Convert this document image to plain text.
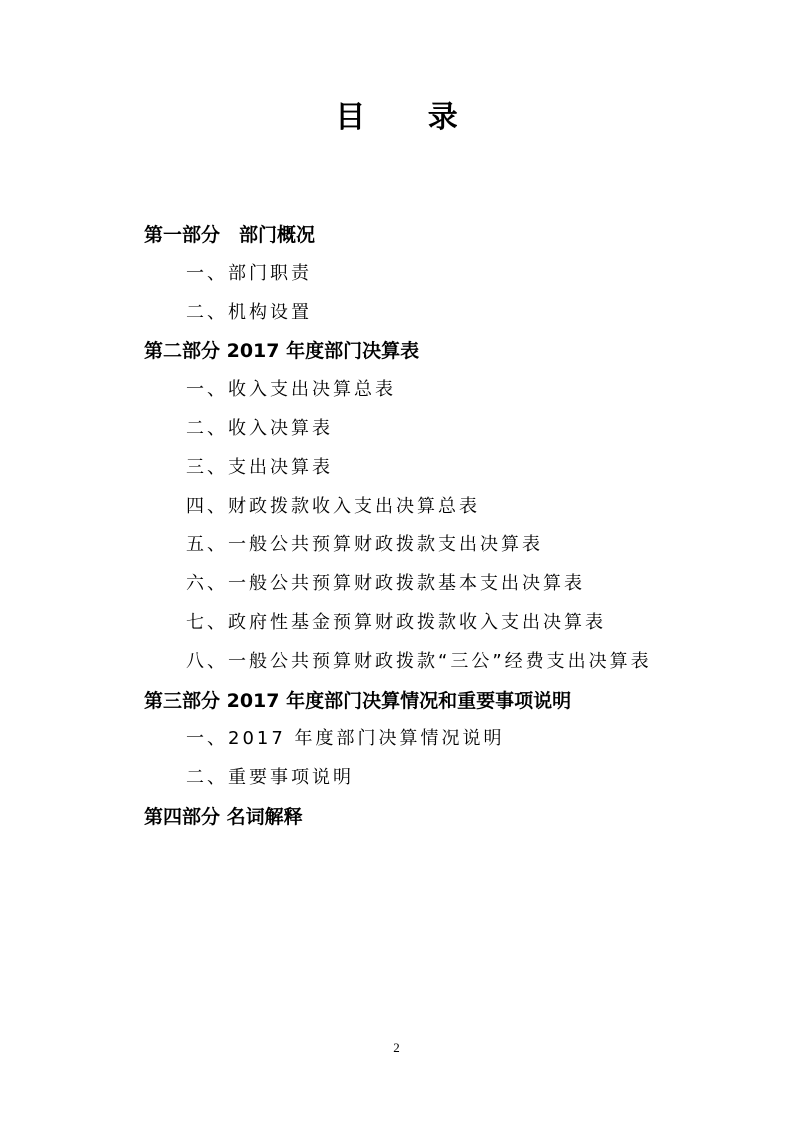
目 录
第一部分　部门概况
一、部门职责
二、机构设置
第二部分 2017 年度部门决算表
一、收入支出决算总表
二、收入决算表
三、支出决算表
四、财政拨款收入支出决算总表
五、一般公共预算财政拨款支出决算表
六、一般公共预算财政拨款基本支出决算表
七、政府性基金预算财政拨款收入支出决算表
八、一般公共预算财政拨款“三公”经费支出决算表
第三部分 2017 年度部门决算情况和重要事项说明
一、2017 年度部门决算情况说明
二、重要事项说明
第四部分 名词解释
2
